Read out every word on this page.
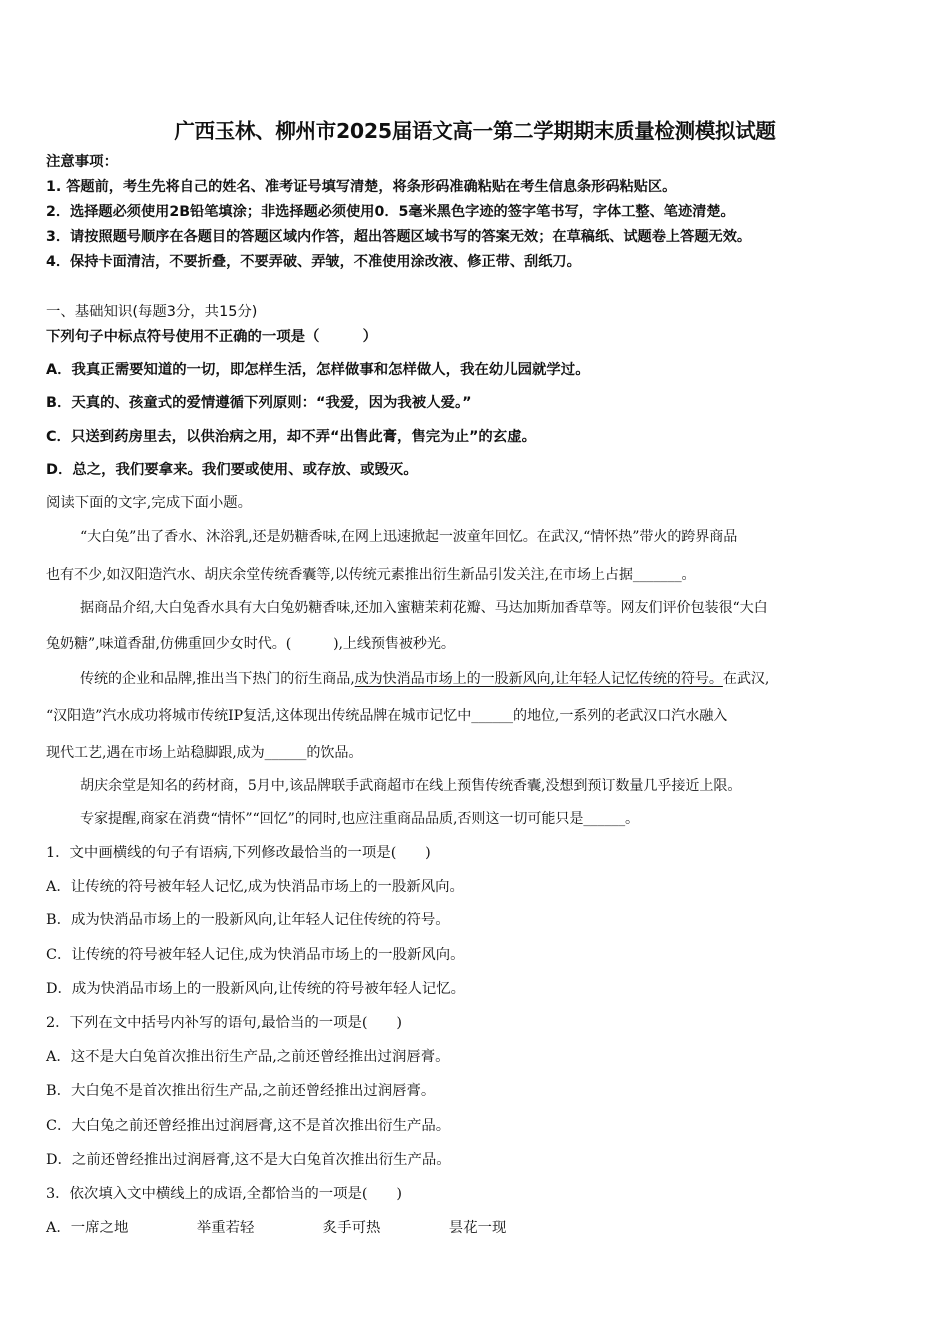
广西玉林、柳州市2025届语文高一第二学期期末质量检测模拟试题
注意事项：
1. 答题前，考生先将自己的姓名、准考证号填写清楚，将条形码准确粘贴在考生信息条形码粘贴区。
2．选择题必须使用2B铅笔填涂；非选择题必须使用0．5毫米黑色字迹的签字笔书写，字体工整、笔迹清楚。
3．请按照题号顺序在各题目的答题区域内作答，超出答题区域书写的答案无效；在草稿纸、试题卷上答题无效。
4．保持卡面清洁，不要折叠，不要弄破、弄皱，不准使用涂改液、修正带、刮纸刀。
一、基础知识(每题3分，共15分)
下列句子中标点符号使用不正确的一项是（　　　）
A．我真正需要知道的一切，即怎样生活，怎样做事和怎样做人，我在幼儿园就学过。
B．天真的、孩童式的爱情遵循下列原则：“我爱，因为我被人爱。”
C．只送到药房里去，以供治病之用，却不弄“出售此膏，售完为止”的玄虚。
D．总之，我们要拿来。我们要或使用、或存放、或毁灭。
阅读下面的文字,完成下面小题。
“大白兔”出了香水、沐浴乳,还是奶糖香味,在网上迅速掀起一波童年回忆。在武汉,“情怀热”带火的跨界商品
也有不少,如汉阳造汽水、胡庆余堂传统香囊等,以传统元素推出衍生新品引发关注,在市场上占据_______。
据商品介绍,大白兔香水具有大白兔奶糖香味,还加入蜜糖茉莉花瓣、马达加斯加香草等。网友们评价包装很“大白
兔奶糖”,味道香甜,仿佛重回少女时代。(　　　),上线预售被秒光。
传统的企业和品牌,推出当下热门的衍生商品,成为快消品市场上的一股新风向,让年轻人记忆传统的符号。在武汉,
“汉阳造”汽水成功将城市传统IP复活,这体现出传统品牌在城市记忆中______的地位,一系列的老武汉口汽水融入
现代工艺,遇在市场上站稳脚跟,成为______的饮品。
胡庆余堂是知名的药材商，5月中,该品牌联手武商超市在线上预售传统香囊,没想到预订数量几乎接近上限。
专家提醒,商家在消费“情怀”“回忆”的同时,也应注重商品品质,否则这一切可能只是______。
1．文中画横线的句子有语病,下列修改最恰当的一项是(　　)
A．让传统的符号被年轻人记忆,成为快消品市场上的一股新风向。
B．成为快消品市场上的一股新风向,让年轻人记住传统的符号。
C．让传统的符号被年轻人记住,成为快消品市场上的一股新风向。
D．成为快消品市场上的一股新风向,让传统的符号被年轻人记忆。
2．下列在文中括号内补写的语句,最恰当的一项是(　　)
A．这不是大白兔首次推出衍生产品,之前还曾经推出过润唇膏。
B．大白兔不是首次推出衍生产品,之前还曾经推出过润唇膏。
C．大白兔之前还曾经推出过润唇膏,这不是首次推出衍生产品。
D．之前还曾经推出过润唇膏,这不是大白兔首次推出衍生产品。
3．依次填入文中横线上的成语,全都恰当的一项是(　　)
A．一席之地	举重若轻	炙手可热	昙花一现
